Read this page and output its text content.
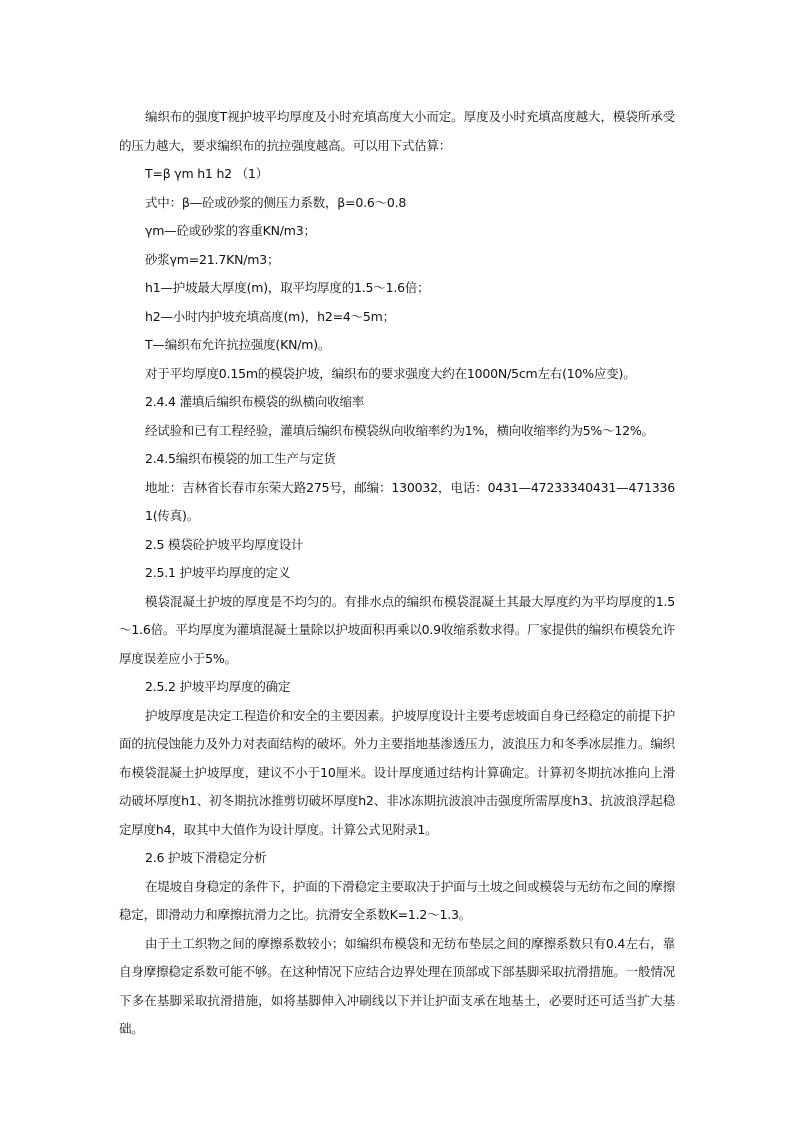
编织布的强度T视护坡平均厚度及小时充填高度大小而定。厚度及小时充填高度越大，模袋所承受的压力越大，要求编织布的抗拉强度越高。可以用下式估算：

T=β γm h1 h2 （1）

式中：β—砼或砂浆的侧压力系数，β=0.6～0.8

γm—砼或砂浆的容重KN/m3；

砂浆γm=21.7KN/m3；

h1—护坡最大厚度(m)，取平均厚度的1.5～1.6倍；

h2—小时内护坡充填高度(m)，h2=4～5m；

T—编织布允许抗拉强度(KN/m)。

对于平均厚度0.15m的模袋护坡，编织布的要求强度大约在1000N/5cm左右(10%应变)。

2.4.4 灌填后编织布模袋的纵横向收缩率

经试验和已有工程经验，灌填后编织布模袋纵向收缩率约为1%，横向收缩率约为5%～12%。

2.4.5编织布模袋的加工生产与定货

地址：吉林省长春市东荣大路275号，邮编：130032，电话：0431—47233340431—4713361(传真)。

2.5 模袋砼护坡平均厚度设计

2.5.1 护坡平均厚度的定义

模袋混凝土护坡的厚度是不均匀的。有排水点的编织布模袋混凝土其最大厚度约为平均厚度的1.5～1.6倍。平均厚度为灌填混凝土量除以护坡面积再乘以0.9收缩系数求得。厂家提供的编织布模袋允许厚度误差应小于5%。

2.5.2 护坡平均厚度的确定

护坡厚度是决定工程造价和安全的主要因素。护坡厚度设计主要考虑坡面自身已经稳定的前提下护面的抗侵蚀能力及外力对表面结构的破坏。外力主要指地基渗透压力，波浪压力和冬季冰层推力。编织布模袋混凝土护坡厚度，建议不小于10厘米。设计厚度通过结构计算确定。计算初冬期抗冰推向上滑动破坏厚度h1、初冬期抗冰推剪切破坏厚度h2、非冰冻期抗波浪冲击强度所需厚度h3、抗波浪浮起稳定厚度h4，取其中大值作为设计厚度。计算公式见附录1。

2.6 护坡下滑稳定分析

在堤坡自身稳定的条件下，护面的下滑稳定主要取决于护面与土坡之间或模袋与无纺布之间的摩擦稳定，即滑动力和摩擦抗滑力之比。抗滑安全系数K=1.2～1.3。

由于土工织物之间的摩擦系数较小；如编织布模袋和无纺布垫层之间的摩擦系数只有0.4左右，靠自身摩擦稳定系数可能不够。在这种情况下应结合边界处理在顶部或下部基脚采取抗滑措施。一般情况下多在基脚采取抗滑措施，如将基脚伸入冲刷线以下并让护面支承在地基土，必要时还可适当扩大基础。
